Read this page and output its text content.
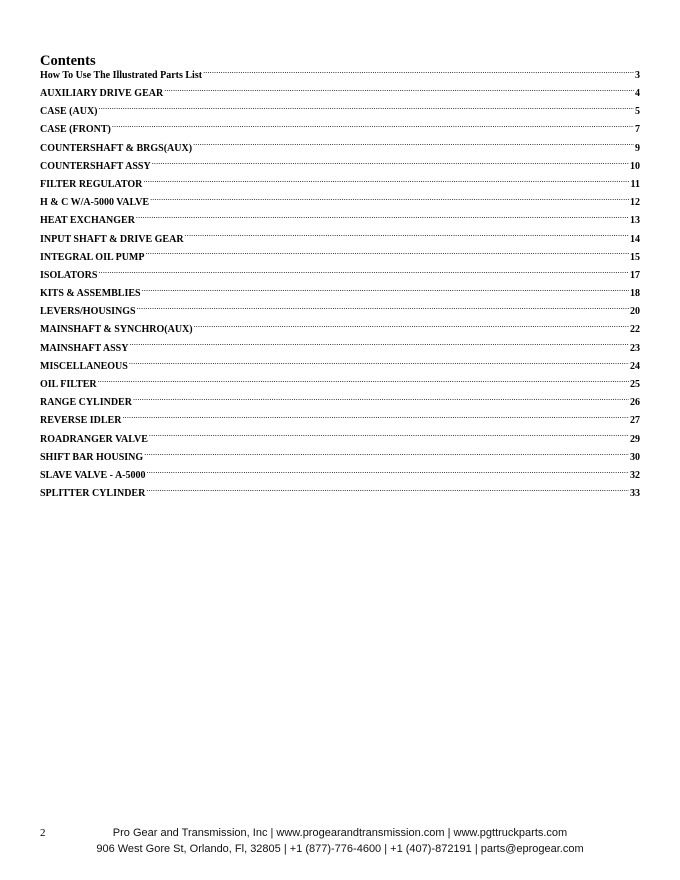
Contents
How To Use The Illustrated Parts List .....	3
AUXILIARY DRIVE GEAR .....	4
CASE (AUX) .....	5
CASE (FRONT) .....	7
COUNTERSHAFT & BRGS(AUX) .....	9
COUNTERSHAFT ASSY .....	10
FILTER REGULATOR .....	11
H & C W/A-5000 VALVE .....	12
HEAT EXCHANGER .....	13
INPUT SHAFT & DRIVE GEAR .....	14
INTEGRAL OIL PUMP .....	15
ISOLATORS .....	17
KITS & ASSEMBLIES .....	18
LEVERS/HOUSINGS .....	20
MAINSHAFT & SYNCHRO(AUX) .....	22
MAINSHAFT ASSY .....	23
MISCELLANEOUS .....	24
OIL FILTER .....	25
RANGE CYLINDER .....	26
REVERSE IDLER .....	27
ROADRANGER VALVE .....	29
SHIFT BAR HOUSING .....	30
SLAVE VALVE - A-5000 .....	32
SPLITTER CYLINDER .....	33
2	Pro Gear and Transmission, Inc | www.progearandtransmission.com | www.pgttruckparts.com
906 West Gore St, Orlando, Fl, 32805 | +1 (877)-776-4600 | +1 (407)-872191 | parts@eprogear.com
